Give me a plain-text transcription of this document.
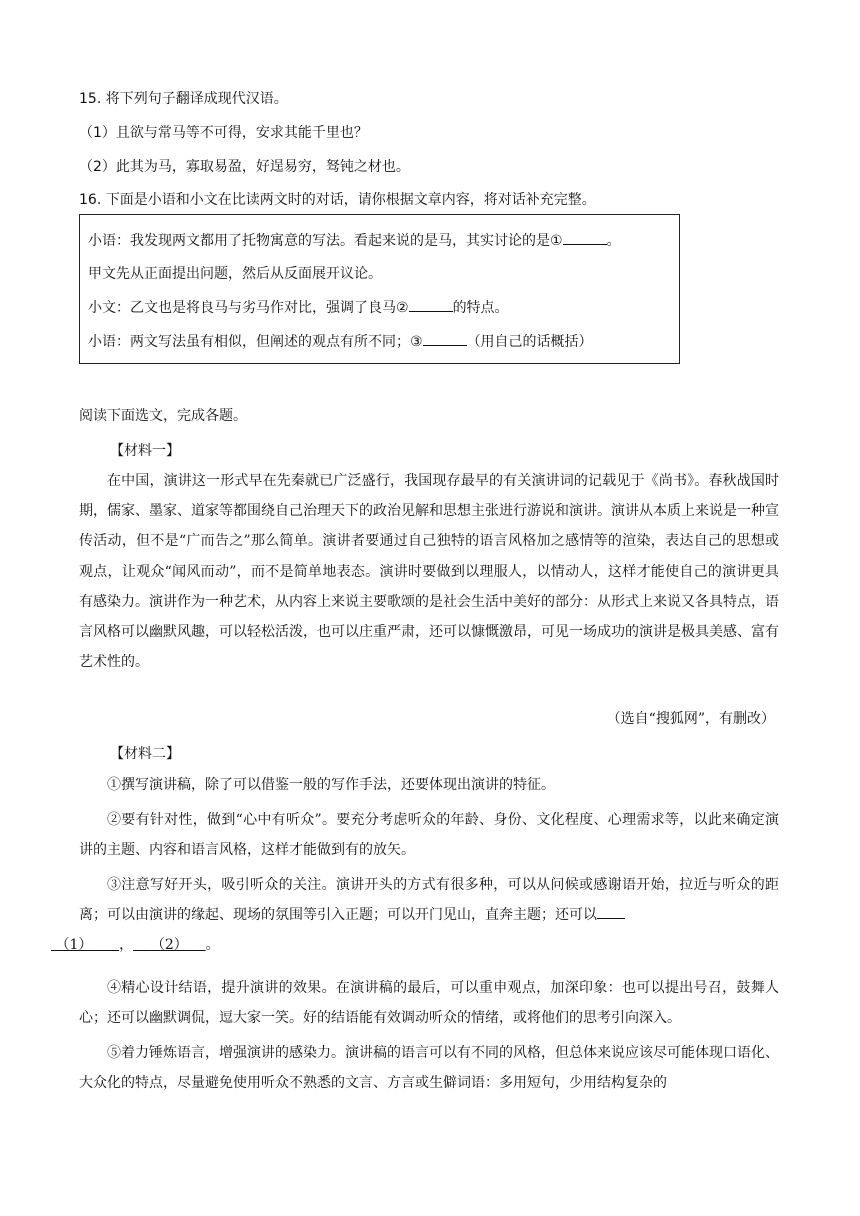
15. 将下列句子翻译成现代汉语。
（1）且欲与常马等不可得，安求其能千里也？
（2）此其为马，寡取易盈，好逞易穷，驽钝之材也。
16. 下面是小语和小文在比读两文时的对话，请你根据文章内容，将对话补充完整。
小语：我发现两文都用了托物寓意的写法。看起来说的是马，其实讨论的是①	。
甲文先从正面提出问题，然后从反面展开议论。
小文：乙文也是将良马与劣马作对比，强调了良马②	的特点。
小语：两文写法虽有相似，但阐述的观点有所不同；③	（用自己的话概括）
阅读下面选文，完成各题。
【材料一】
在中国，演讲这一形式早在先秦就已广泛盛行，我国现存最早的有关演讲词的记载见于《尚书》。春秋战国时期，儒家、墨家、道家等都围绕自己治理天下的政治见解和思想主张进行游说和演讲。演讲从本质上来说是一种宣传活动，但不是“广而告之”那么简单。演讲者要通过自己独特的语言风格加之感情等的渲染，表达自己的思想或观点，让观众“闻风而动”，而不是简单地表态。演讲时要做到以理服人，以情动人，这样才能使自己的演讲更具有感染力。演讲作为一种艺术，从内容上来说主要歌颂的是社会生活中美好的部分：从形式上来说又各具特点，语言风格可以幽默风趣，可以轻松活泼，也可以庄重严肃，还可以慷慨激昂，可见一场成功的演讲是极具美感、富有艺术性的。
（选自“搜狐网”，有删改）
【材料二】
①撰写演讲稿，除了可以借鉴一般的写作手法，还要体现出演讲的特征。
②要有针对性，做到“心中有听众”。要充分考虑听众的年龄、身份、文化程度、心理需求等，以此来确定演讲的主题、内容和语言风格，这样才能做到有的放矢。
③注意写好开头，吸引听众的关注。演讲开头的方式有很多种，可以从问候或感谢语开始，拉近与听众的距离；可以由演讲的缘起、现场的氛围等引入正题；可以开门见山，直奔主题；还可以
（1） ， （2） 。
④精心设计结语，提升演讲的效果。在演讲稿的最后，可以重申观点，加深印象：也可以提出号召，鼓舞人心；还可以幽默调侃，逗大家一笑。好的结语能有效调动听众的情绪，或将他们的思考引向深入。
⑤着力锤炼语言，增强演讲的感染力。演讲稿的语言可以有不同的风格，但总体来说应该尽可能体现口语化、大众化的特点，尽量避免使用听众不熟悉的文言、方言或生僻词语：多用短句，少用结构复杂的
